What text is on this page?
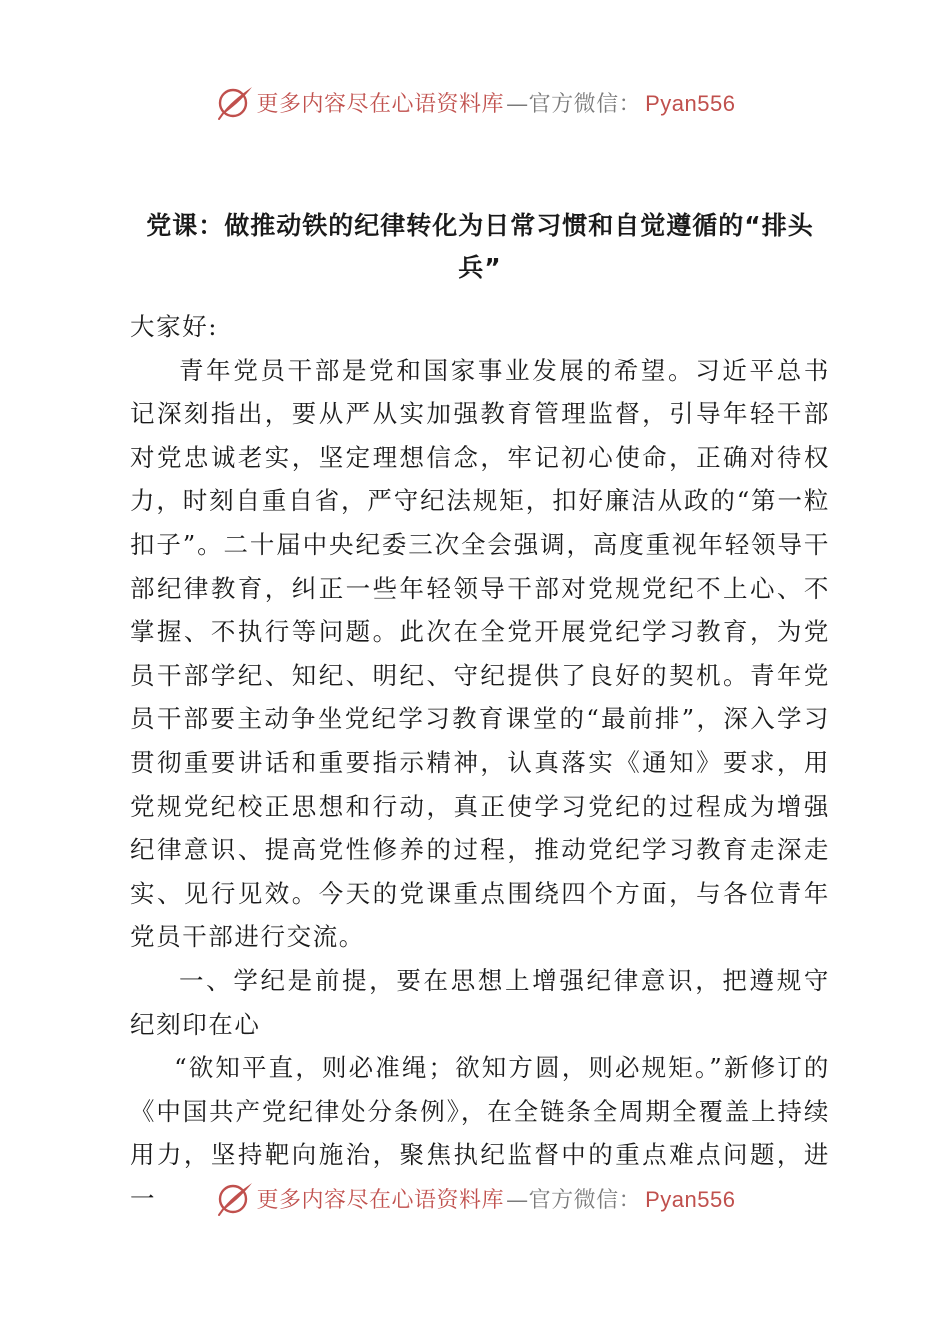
更多内容尽在心语资料库—官方微信： Pyan556
党课：做推动铁的纪律转化为日常习惯和自觉遵循的“排头兵”

大家好:

青年党员干部是党和国家事业发展的希望。习近平总书记深刻指出，要从严从实加强教育管理监督，引导年轻干部对党忠诚老实，坚定理想信念，牢记初心使命，正确对待权力，时刻自重自省，严守纪法规矩，扣好廉洁从政的“第一粒扣子”。二十届中央纪委三次全会强调，高度重视年轻领导干部纪律教育，纠正一些年轻领导干部对党规党纪不上心、不掌握、不执行等问题。此次在全党开展党纪学习教育，为党员干部学纪、知纪、明纪、守纪提供了良好的契机。青年党员干部要主动争坐党纪学习教育课堂的“最前排”，深入学习贯彻重要讲话和重要指示精神，认真落实《通知》要求，用党规党纪校正思想和行动，真正使学习党纪的过程成为增强纪律意识、提高党性修养的过程，推动党纪学习教育走深走实、见行见效。今天的党课重点围绕四个方面，与各位青年党员干部进行交流。

一、学纪是前提，要在思想上增强纪律意识，把遵规守纪刻印在心

“欲知平直，则必准绳；欲知方圆，则必规矩。”新修订的《中国共产党纪律处分条例》，在全链条全周期全覆盖上持续用力，坚持靶向施治，聚焦执纪监督中的重点难点问题，进一	更多内容尽在心语资料库—官方微信： Pyan556
